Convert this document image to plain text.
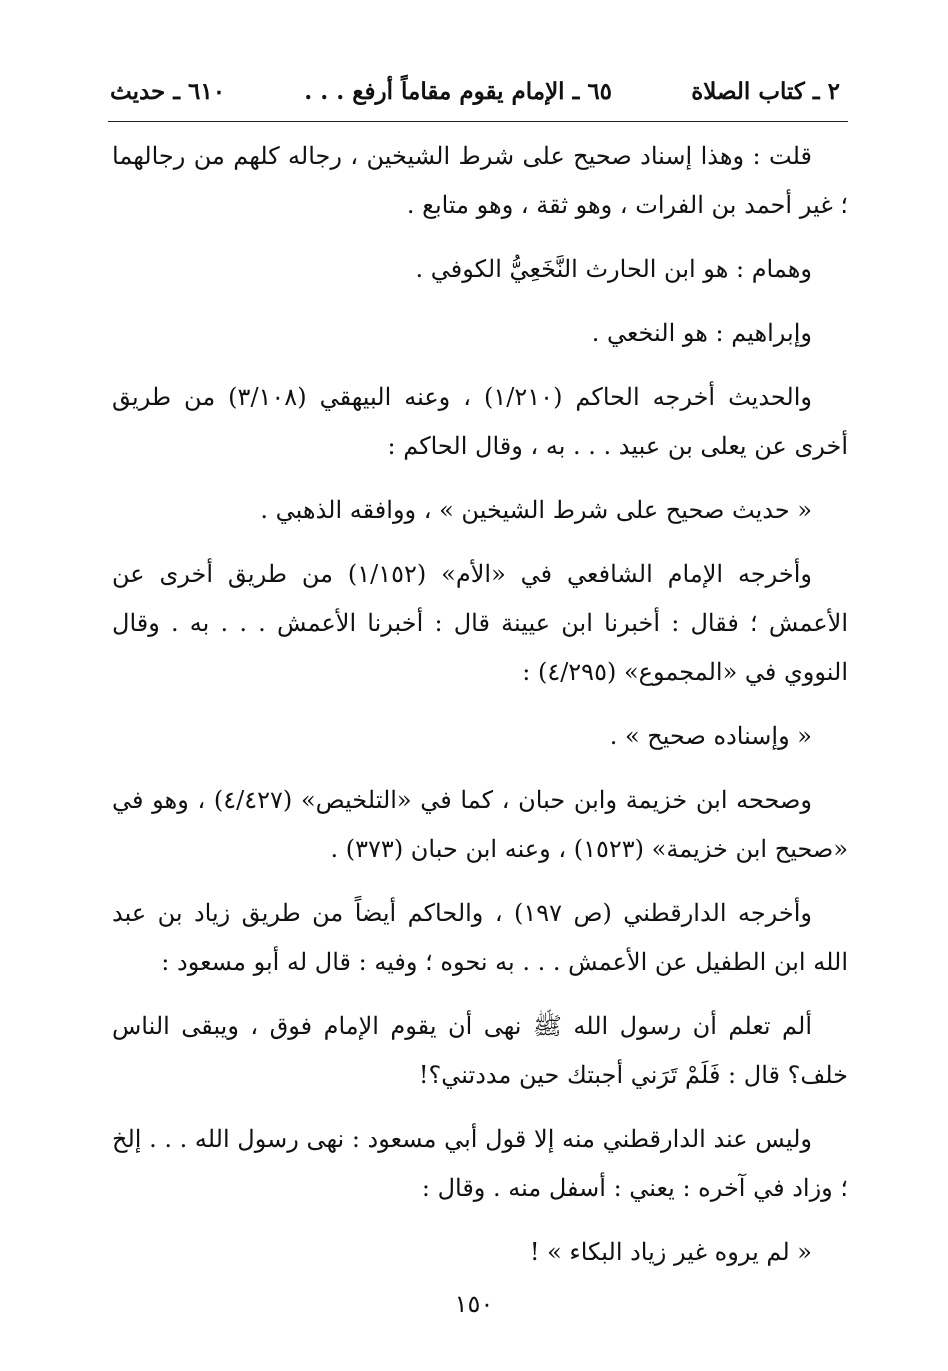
٢ ـ كتاب الصلاة
٦٥ ـ الإمام يقوم مقاماً أرفع . . .
٦١٠ ـ حديث

قلت : وهذا إسناد صحيح على شرط الشيخين ، رجاله كلهم من رجالهما ؛ غير أحمد بن الفرات ، وهو ثقة ، وهو متابع .

وهمام : هو ابن الحارث النَّخَعِيُّ الكوفي .

وإبراهيم : هو النخعي .

والحديث أخرجه الحاكم (١/٢١٠) ، وعنه البيهقي (٣/١٠٨) من طريق أخرى عن يعلى بن عبيد . . . به ، وقال الحاكم :

« حديث صحيح على شرط الشيخين » ، ووافقه الذهبي .

وأخرجه الإمام الشافعي في «الأم» (١/١٥٢) من طريق أخرى عن الأعمش ؛ فقال : أخبرنا ابن عيينة قال : أخبرنا الأعمش . . . به . وقال النووي في «المجموع» (٤/٢٩٥) :

« وإسناده صحيح » .

وصححه ابن خزيمة وابن حبان ، كما في «التلخيص» (٤/٤٢٧) ، وهو في «صحيح ابن خزيمة» (١٥٢٣) ، وعنه ابن حبان (٣٧٣) .

وأخرجه الدارقطني (ص ١٩٧) ، والحاكم أيضاً من طريق زياد بن عبد الله ابن الطفيل عن الأعمش . . . به نحوه ؛ وفيه : قال له أبو مسعود :

ألم تعلم أن رسول الله ﷺ نهى أن يقوم الإمام فوق ، ويبقى الناس خلف؟ قال : فَلَمْ تَرَني أجبتك حين مددتني؟!

وليس عند الدارقطني منه إلا قول أبي مسعود : نهى رسول الله . . . إلخ ؛ وزاد في آخره : يعني : أسفل منه . وقال :

« لم يروه غير زياد البكاء » !

١٥٠
